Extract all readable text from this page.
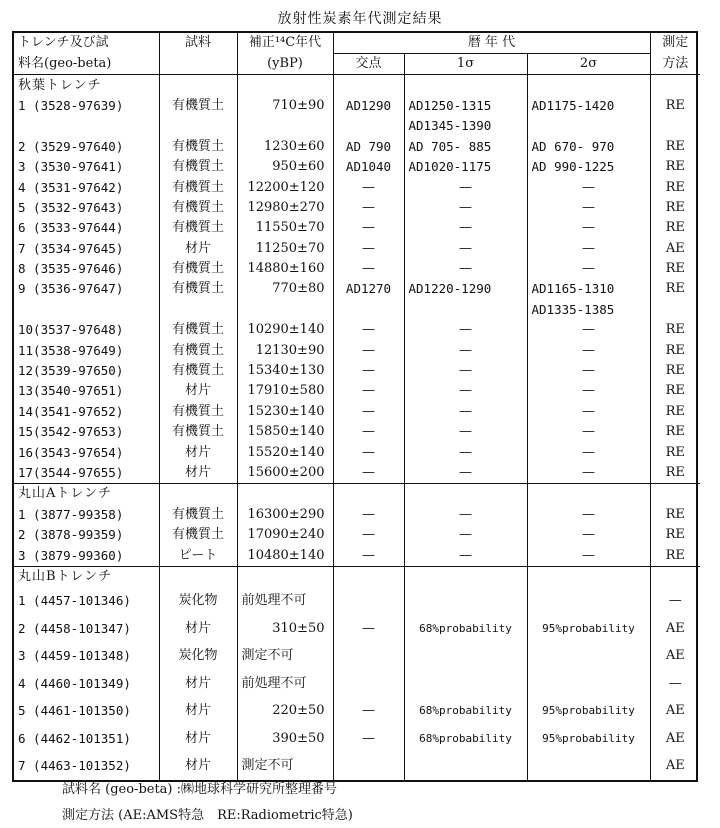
放射性炭素年代測定結果
トレンチ及び試	試料	補正¹⁴C年代	暦 年 代			測定
料名(geo-beta)		(yBP)	交点	1σ	2σ	方法
秋葉トレンチ						
1 (3528-97639)	有機質土	710±90	AD1290	AD1250-1315	AD1175-1420	RE
				AD1345-1390		
2 (3529-97640)	有機質土	1230±60	AD 790	AD 705- 885	AD 670- 970	RE
3 (3530-97641)	有機質土	950±60	AD1040	AD1020-1175	AD 990-1225	RE
4 (3531-97642)	有機質土	12200±120	—	—	—	RE
5 (3532-97643)	有機質土	12980±270	—	—	—	RE
6 (3533-97644)	有機質土	11550±70	—	—	—	RE
7 (3534-97645)	材片	11250±70	—	—	—	AE
8 (3535-97646)	有機質土	14880±160	—	—	—	RE
9 (3536-97647)	有機質土	770±80	AD1270	AD1220-1290	AD1165-1310	RE
					AD1335-1385	
10(3537-97648)	有機質土	10290±140	—	—	—	RE
11(3538-97649)	有機質土	12130±90	—	—	—	RE
12(3539-97650)	有機質土	15340±130	—	—	—	RE
13(3540-97651)	材片	17910±580	—	—	—	RE
14(3541-97652)	有機質土	15230±140	—	—	—	RE
15(3542-97653)	有機質土	15850±140	—	—	—	RE
16(3543-97654)	材片	15520±140	—	—	—	RE
17(3544-97655)	材片	15600±200	—	—	—	RE
丸山Aトレンチ						
1 (3877-99358)	有機質土	16300±290	—	—	—	RE
2 (3878-99359)	有機質土	17090±240	—	—	—	RE
3 (3879-99360)	ピート	10480±140	—	—	—	RE
丸山Bトレンチ						
1 (4457-101346)	炭化物	前処理不可				—
2 (4458-101347)	材片	310±50	—	68%probability	95%probability	AE
3 (4459-101348)	炭化物	測定不可				AE
4 (4460-101349)	材片	前処理不可				—
5 (4461-101350)	材片	220±50	—	68%probability	95%probability	AE
6 (4462-101351)	材片	390±50	—	68%probability	95%probability	AE
7 (4463-101352)	材片	測定不可				AE
試料名 (geo-beta) :㈱地球科学研究所整理番号
測定方法 (AE:AMS特急　RE:Radiometric特急)
